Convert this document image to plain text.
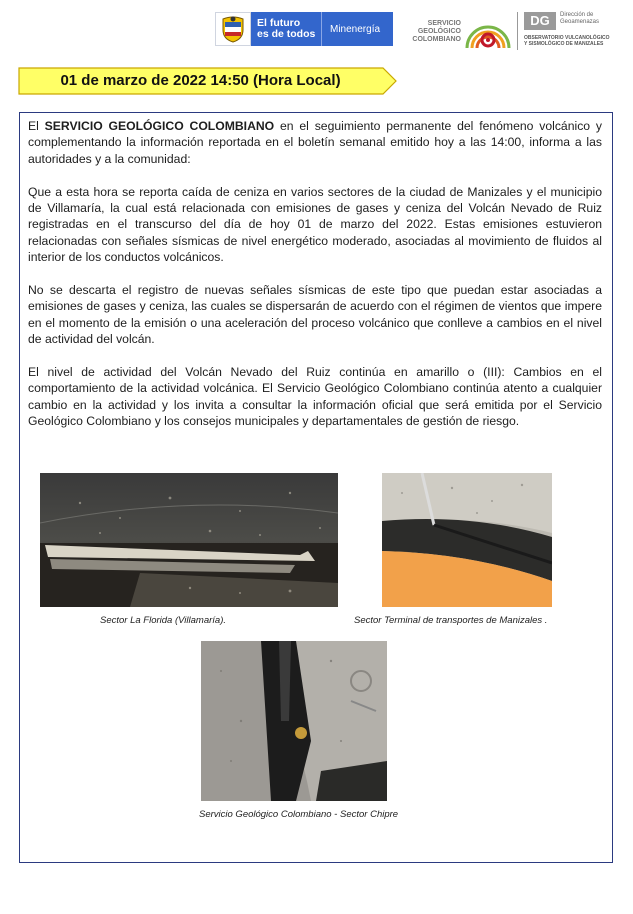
El futuro
es de todos	Minenergía	SERVICIO
GEOLÓGICO
COLOMBIANO
DG	Dirección de
Geoamenazas
OBSERVATORIO VULCANOLÓGICO
Y SISMOLÓGICO DE MANIZALES
01 de marzo de 2022 14:50 (Hora Local)

El SERVICIO GEOLÓGICO COLOMBIANO en el seguimiento permanente del fenómeno volcánico y complementando la información reportada en el boletín semanal emitido hoy a las 14:00, informa a las autoridades y a la comunidad:

Que a esta hora se reporta caída de ceniza en varios sectores de la ciudad de Manizales y el municipio de Villamaría, la cual está relacionada con emisiones de gases y ceniza del Volcán Nevado de Ruiz registradas en el transcurso del día de hoy 01 de marzo del 2022. Estas emisiones estuvieron relacionadas con señales sísmicas de nivel energético moderado, asociadas al movimiento de fluidos al interior de los conductos volcánicos.

No se descarta el registro de nuevas señales sísmicas de este tipo que puedan estar asociadas a emisiones de gases y ceniza, las cuales se dispersarán de acuerdo con el régimen de vientos que impere en el momento de la emisión o una aceleración del proceso volcánico que conlleve a cambios en el nivel de actividad del volcán.

El nivel de actividad del Volcán Nevado del Ruiz continúa en amarillo o (III): Cambios en el comportamiento de la actividad volcánica. El Servicio Geológico Colombiano continúa atento a cualquier cambio en la actividad y los invita a consultar la información oficial que será emitida por el Servicio Geológico Colombiano y los consejos municipales y departamentales de gestión de riesgo.

Sector La Florida (Villamaría).	Sector Terminal de transportes de Manizales .
Servicio Geológico Colombiano - Sector Chipre
